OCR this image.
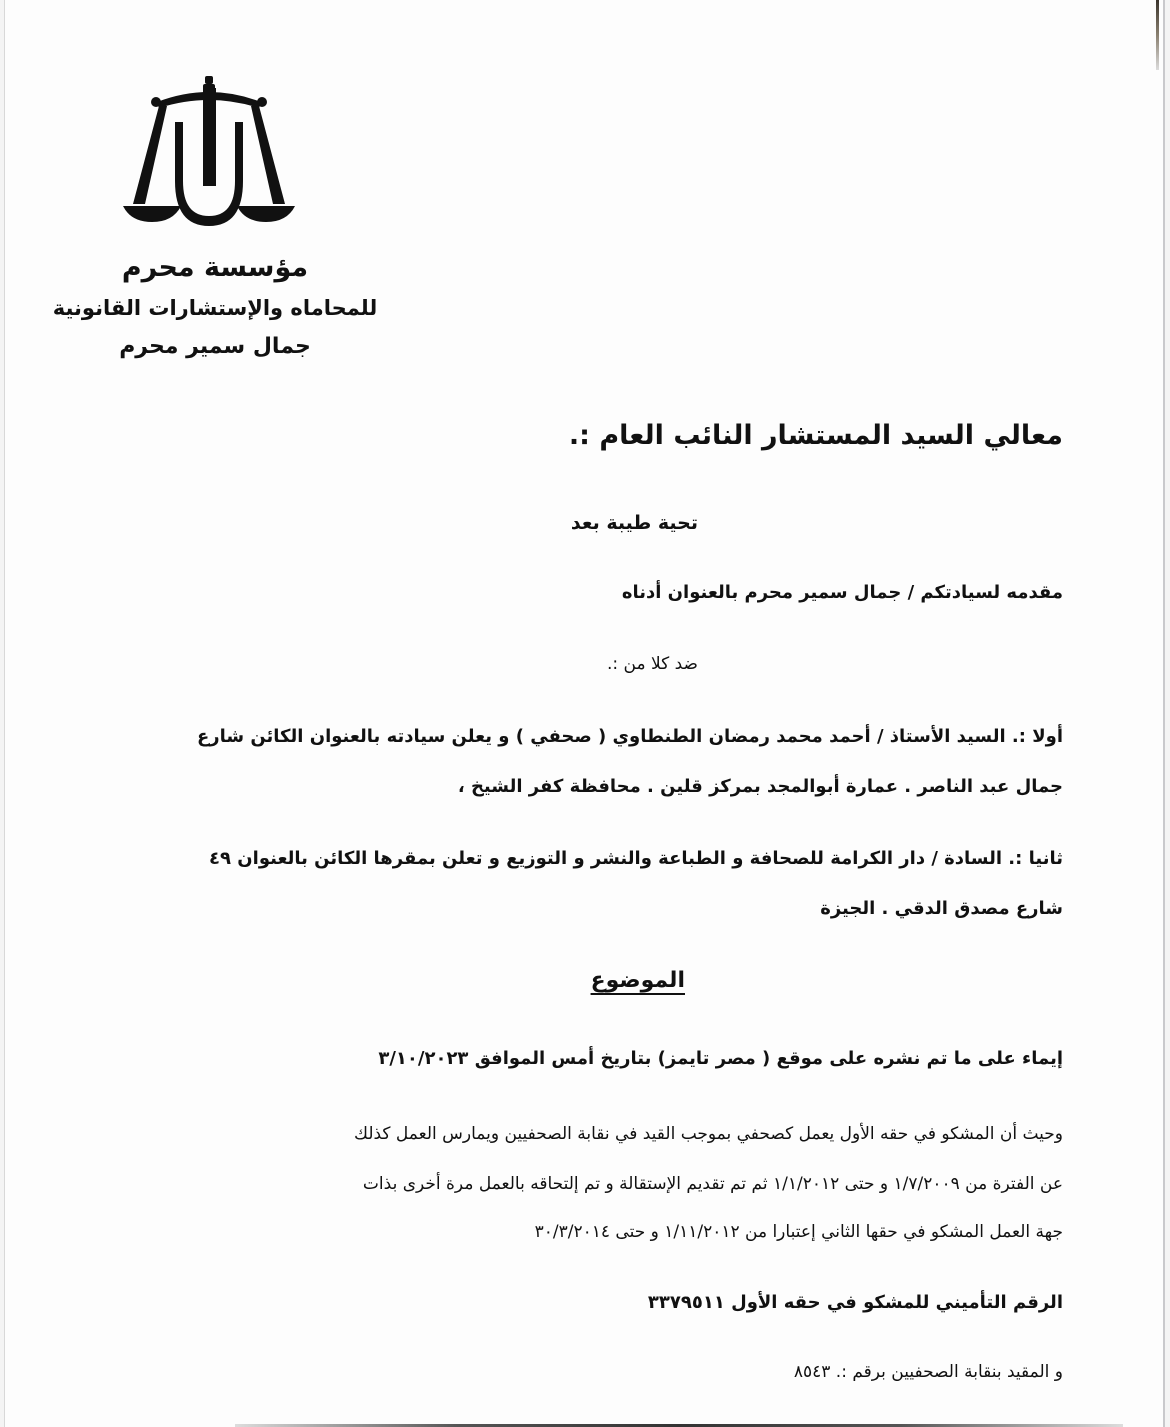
مؤسسة محرم
للمحاماه والإستشارات القانونية
جمال سمير محرم
معالي السيد المستشار النائب العام :.
تحية طيبة بعد
مقدمه لسيادتكم / جمال سمير محرم بالعنوان أدناه
ضد كلا من :.
أولا :. السيد الأستاذ / أحمد محمد رمضان الطنطاوي ( صحفي ) و يعلن سيادته بالعنوان الكائن شارع
جمال عبد الناصر . عمارة أبوالمجد بمركز قلين . محافظة كفر الشيخ ،
ثانيا :. السادة / دار الكرامة للصحافة و الطباعة والنشر و التوزيع و تعلن بمقرها الكائن بالعنوان ٤٩
شارع مصدق الدقي . الجيزة
الموضوع
إيماء على ما تم نشره على موقع ( مصر تايمز) بتاريخ أمس الموافق ٣/١٠/٢٠٢٣
وحيث أن المشكو في حقه الأول يعمل كصحفي بموجب القيد في نقابة الصحفيين ويمارس العمل كذلك
عن الفترة من ١/٧/٢٠٠٩ و حتى ١/١/٢٠١٢ ثم تم تقديم الإستقالة و تم إلتحاقه بالعمل مرة أخرى بذات
جهة العمل المشكو في حقها الثاني إعتبارا من ١/١١/٢٠١٢ و حتى ٣٠/٣/٢٠١٤
الرقم التأميني للمشكو في حقه الأول ٣٣٧٩٥١١
و المقيد بنقابة الصحفيين برقم :. ٨٥٤٣
